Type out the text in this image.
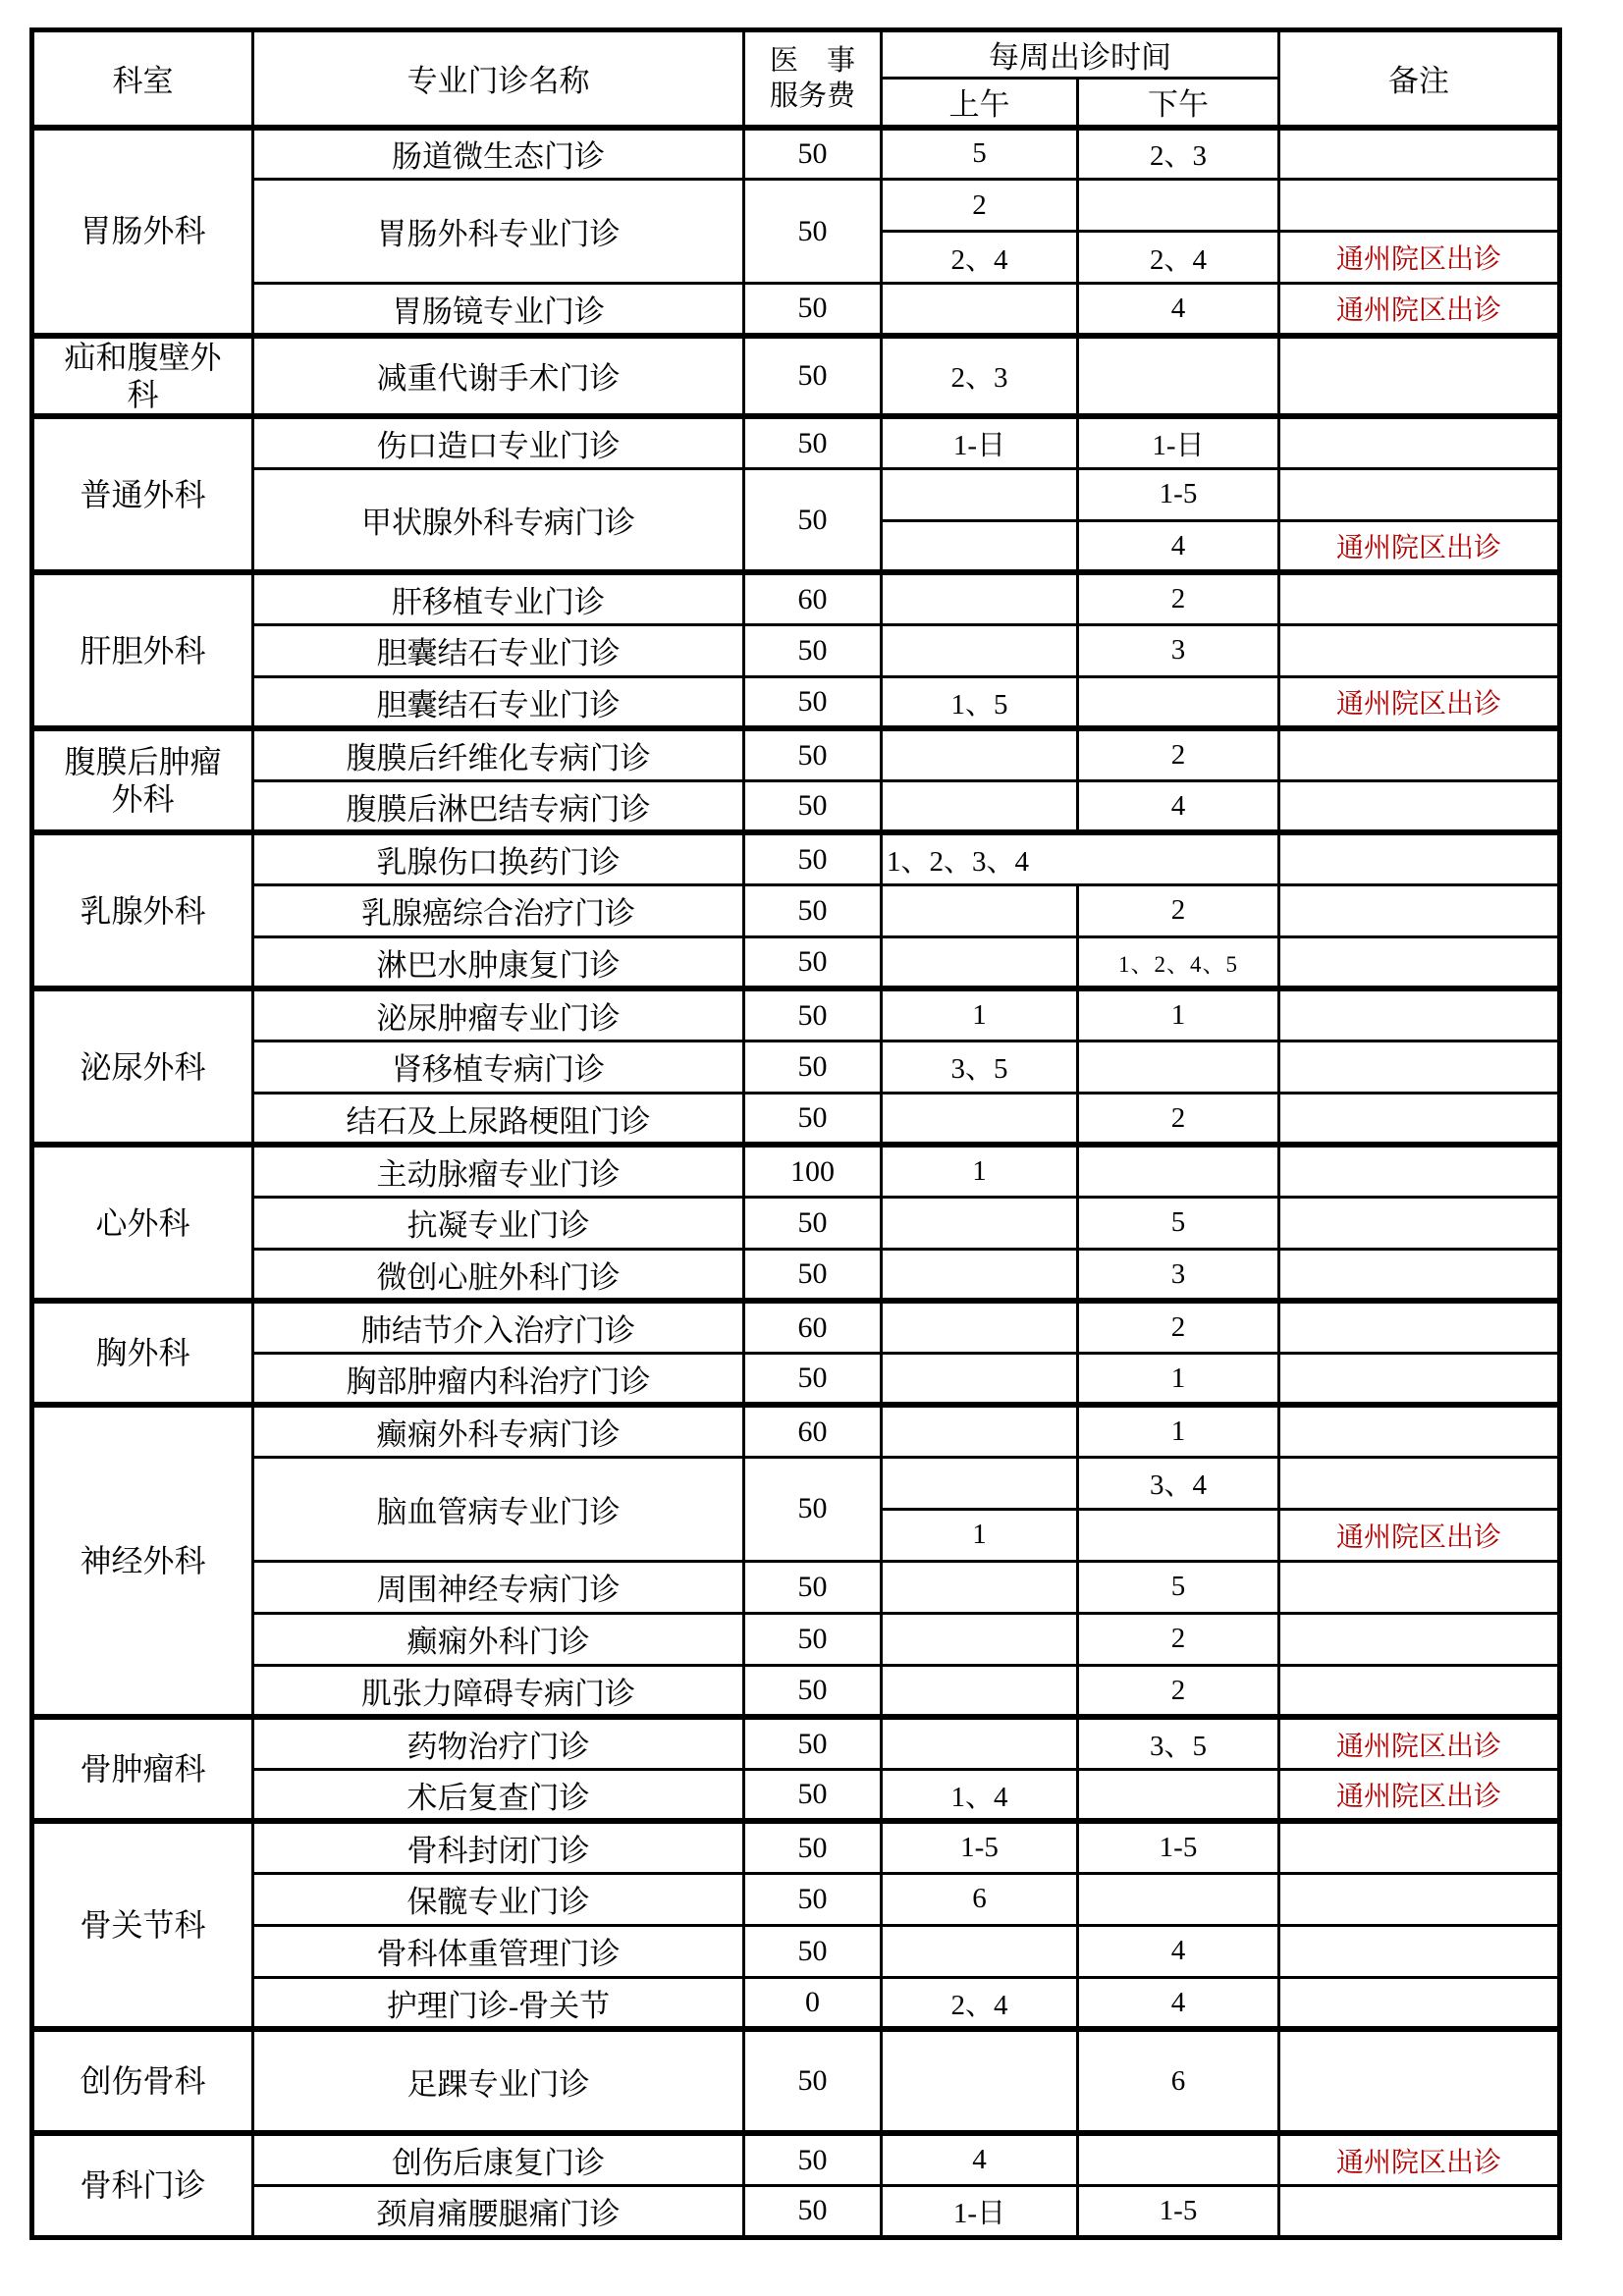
科室	专业门诊名称	医　事
服务费	每周出诊时间		备注
			上午	下午	
胃肠外科	肠道微生态门诊	50	5	2、3	
	胃肠外科专业门诊	50	2		
			2、4	2、4	通州院区出诊
	胃肠镜专业门诊	50		4	通州院区出诊
疝和腹壁外科	减重代谢手术门诊	50	2、3		
普通外科	伤口造口专业门诊	50	1-日	1-日	
	甲状腺外科专病门诊	50		1-5	
				4	通州院区出诊
肝胆外科	肝移植专业门诊	60		2	
	胆囊结石专业门诊	50		3	
	胆囊结石专业门诊	50	1、5		通州院区出诊
腹膜后肿瘤外科	腹膜后纤维化专病门诊	50		2	
	腹膜后淋巴结专病门诊	50		4	
乳腺外科	乳腺伤口换药门诊	50	1、2、3、4		
	乳腺癌综合治疗门诊	50		2	
	淋巴水肿康复门诊	50		1、2、4、5	
泌尿外科	泌尿肿瘤专业门诊	50	1	1	
	肾移植专病门诊	50	3、5		
	结石及上尿路梗阻门诊	50		2	
心外科	主动脉瘤专业门诊	100	1		
	抗凝专业门诊	50		5	
	微创心脏外科门诊	50		3	
胸外科	肺结节介入治疗门诊	60		2	
	胸部肿瘤内科治疗门诊	50		1	
神经外科	癫痫外科专病门诊	60		1	
	脑血管病专业门诊	50		3、4	
			1		通州院区出诊
	周围神经专病门诊	50		5	
	癫痫外科门诊	50		2	
	肌张力障碍专病门诊	50		2	
骨肿瘤科	药物治疗门诊	50		3、5	通州院区出诊
	术后复查门诊	50	1、4		通州院区出诊
骨关节科	骨科封闭门诊	50	1-5	1-5	
	保髋专业门诊	50	6		
	骨科体重管理门诊	50		4	
	护理门诊-骨关节	0	2、4	4	
创伤骨科	足踝专业门诊	50		6	
骨科门诊	创伤后康复门诊	50	4		通州院区出诊
	颈肩痛腰腿痛门诊	50	1-日	1-5	
